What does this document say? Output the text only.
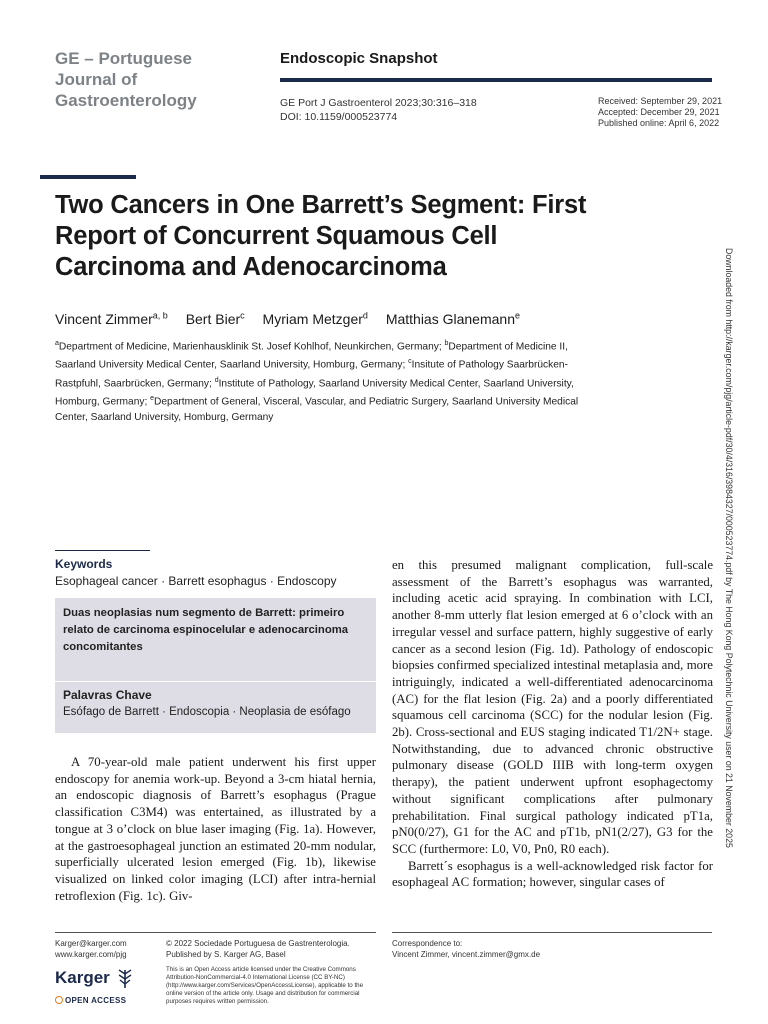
GE – Portuguese Journal of Gastroenterology
Endoscopic Snapshot
GE Port J Gastroenterol 2023;30:316–318
DOI: 10.1159/000523774
Received: September 29, 2021
Accepted: December 29, 2021
Published online: April 6, 2022
Two Cancers in One Barrett’s Segment: First Report of Concurrent Squamous Cell Carcinoma and Adenocarcinoma
Vincent Zimmer$^{a, b}$ Bert Bier$^c$ Myriam Metzger$^d$ Matthias Glanemann$^e$
$^a$Department of Medicine, Marienhausklinik St. Josef Kohlhof, Neunkirchen, Germany; $^b$Department of Medicine II, Saarland University Medical Center, Saarland University, Homburg, Germany; $^c$Insitute of Pathology Saarbrücken-Rastpfuhl, Saarbrücken, Germany; $^d$Institute of Pathology, Saarland University Medical Center, Saarland University, Homburg, Germany; $^e$Department of General, Visceral, Vascular, and Pediatric Surgery, Saarland University Medical Center, Saarland University, Homburg, Germany	Downloaded from http://karger.com/pjg/article-pdf/30/4/316/3984327/000523774.pdf by The Hong Kong Polytechnic University user on 21 November 2025
Keywords
Esophageal cancer · Barrett esophagus · Endoscopy
Duas neoplasias num segmento de Barrett: primeiro relato de carcinoma espinocelular e adenocarcinoma concomitantes
Palavras Chave
Esófago de Barrett · Endoscopia · Neoplasia de esófago

A 70-year-old male patient underwent his first upper endoscopy for anemia work-up. Beyond a 3-cm hiatal hernia, an endoscopic diagnosis of Barrett’s esophagus (Prague classification C3M4) was entertained, as illustrated by a tongue at 3 o’clock on blue laser imaging (Fig. 1a). However, at the gastroesophageal junction an estimated 20-mm nodular, superficially ulcerated lesion emerged (Fig. 1b), likewise visualized on linked color imaging (LCI) after intra-hernial retroflexion (Fig. 1c). Giv-

en this presumed malignant complication, full-scale assessment of the Barrett’s esophagus was warranted, including acetic acid spraying. In combination with LCI, another 8-mm utterly flat lesion emerged at 6 o’clock with an irregular vessel and surface pattern, highly suggestive of early cancer as a second lesion (Fig. 1d). Pathology of endoscopic biopsies confirmed specialized intestinal metaplasia and, more intriguingly, indicated a well-differentiated adenocarcinoma (AC) for the flat lesion (Fig. 2a) and a poorly differentiated squamous cell carcinoma (SCC) for the nodular lesion (Fig. 2b). Cross-sectional and EUS staging indicated T1/2N+ stage. Notwithstanding, due to advanced chronic obstructive pulmonary disease (GOLD IIIB with long-term oxygen therapy), the patient underwent upfront esophagectomy without significant complications after pulmonary prehabilitation. Final surgical pathology indicated pT1a, pN0(0/27), G1 for the AC and pT1b, pN1(2/27), G3 for the SCC (furthermore: L0, V0, Pn0, R0 each).

Barrett´s esophagus is a well-acknowledged risk factor for esophageal AC formation; however, singular cases of

Karger@karger.com
www.karger.com/pjg
© 2022 Sociedade Portuguesa de Gastrenterologia.
Published by S. Karger AG, Basel
This is an Open Access article licensed under the Creative Commons Attribution-NonCommercial-4.0 International License (CC BY-NC) (http://www.karger.com/Services/OpenAccessLicense), applicable to the online version of the article only. Usage and distribution for commercial purposes requires written permission.
Correspondence to:
Vincent Zimmer, vincent.zimmer@gmx.de
Karger
OPEN ACCESS
